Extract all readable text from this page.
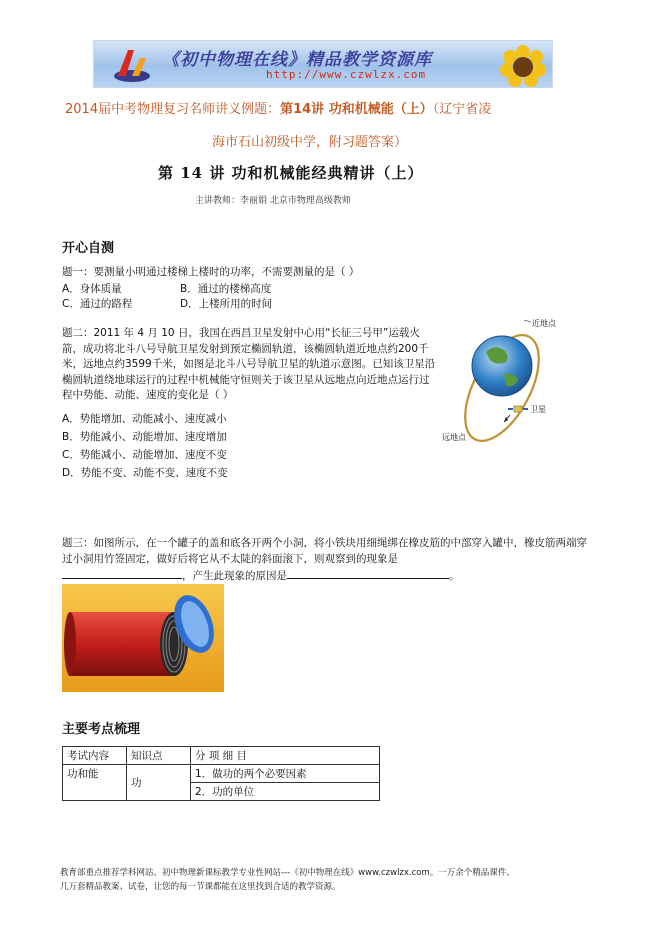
《初中物理在线》精品教学资源库
http://www.czwlzx.com
2014届中考物理复习名师讲义例题：第14讲 功和机械能（上）（辽宁省凌
海市石山初级中学，附习题答案）
第 14 讲 功和机械能经典精讲（上）
主讲教师：李丽娟 北京市物理高级教师
开心自测
题一：要测量小明通过楼梯上楼时的功率，不需要测量的是（ ）
A．身体质量	B．通过的楼梯高度
C．通过的路程	D．上楼所用的时间
题二：2011 年 4 月 10 日，我国在西昌卫星发射中心用“长征三号甲”运载火箭，成功将北斗八号导航卫星发射到预定椭圆轨道，该椭圆轨道近地点约200千米，远地点约3599千米，如图是北斗八号导航卫星的轨道示意图。已知该卫星沿椭圆轨道绕地球运行的过程中机械能守恒则关于该卫星从远地点向近地点运行过程中势能、动能、速度的变化是（ ）
A．势能增加、动能减小、速度减小
B．势能减小、动能增加、速度增加
C．势能减小、动能增加、速度不变
D．势能不变、动能不变、速度不变
近地点
卫星
远地点
题三：如图所示，在一个罐子的盖和底各开两个小洞，将小铁块用细绳绑在橡皮筋的中部穿入罐中，橡皮筋两端穿过小洞用竹签固定，做好后将它从不太陡的斜面滚下，则观察到的现象是
，产生此现象的原因是	。
主要考点梳理
考试内容	知识点	分 项 细 目
功和能	功	1．做功的两个必要因素
		2．功的单位
教育部重点推荐学科网站、初中物理新课标教学专业性网站---《初中物理在线》www.czwlzx.com。一万余个精品课件、
几万套精品教案、试卷，让您的每一节课都能在这里找到合适的教学资源。
